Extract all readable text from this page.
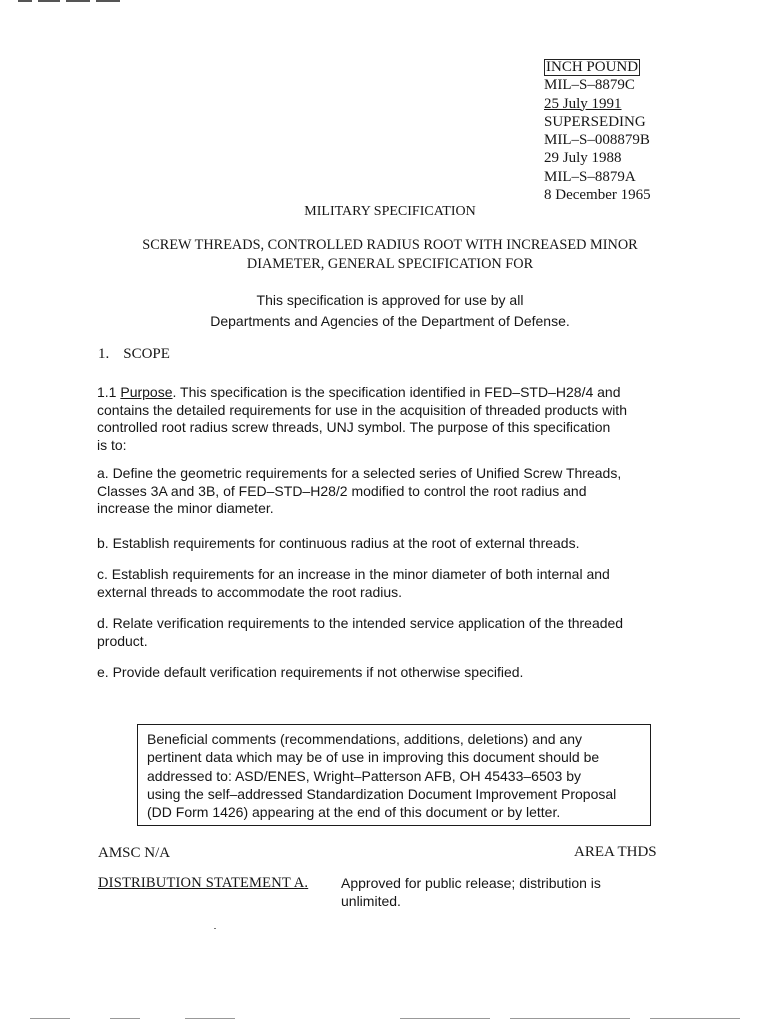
INCH POUND
MIL–S–8879C
25 July 1991
SUPERSEDING
MIL–S–008879B
29 July 1988
MIL–S–8879A
8 December 1965
MILITARY SPECIFICATION
SCREW THREADS, CONTROLLED RADIUS ROOT WITH INCREASED MINOR
DIAMETER, GENERAL SPECIFICATION FOR
This specification is approved for use by all
Departments and Agencies of the Department of Defense.
1. SCOPE
1.1 Purpose. This specification is the specification identified in FED–STD–H28/4 and
contains the detailed requirements for use in the acquisition of threaded products with
controlled root radius screw threads, UNJ symbol. The purpose of this specification
is to:
a. Define the geometric requirements for a selected series of Unified Screw Threads,
Classes 3A and 3B, of FED–STD–H28/2 modified to control the root radius and
increase the minor diameter.
b. Establish requirements for continuous radius at the root of external threads.
c. Establish requirements for an increase in the minor diameter of both internal and
external threads to accommodate the root radius.
d. Relate verification requirements to the intended service application of the threaded
product.
e. Provide default verification requirements if not otherwise specified.
Beneficial comments (recommendations, additions, deletions) and any
pertinent data which may be of use in improving this document should be
addressed to: ASD/ENES, Wright–Patterson AFB, OH 45433–6503 by
using the self–addressed Standardization Document Improvement Proposal
(DD Form 1426) appearing at the end of this document or by letter.
AMSC N/A	AREA THDS
DISTRIBUTION STATEMENT A. Approved for public release; distribution is
unlimited.
